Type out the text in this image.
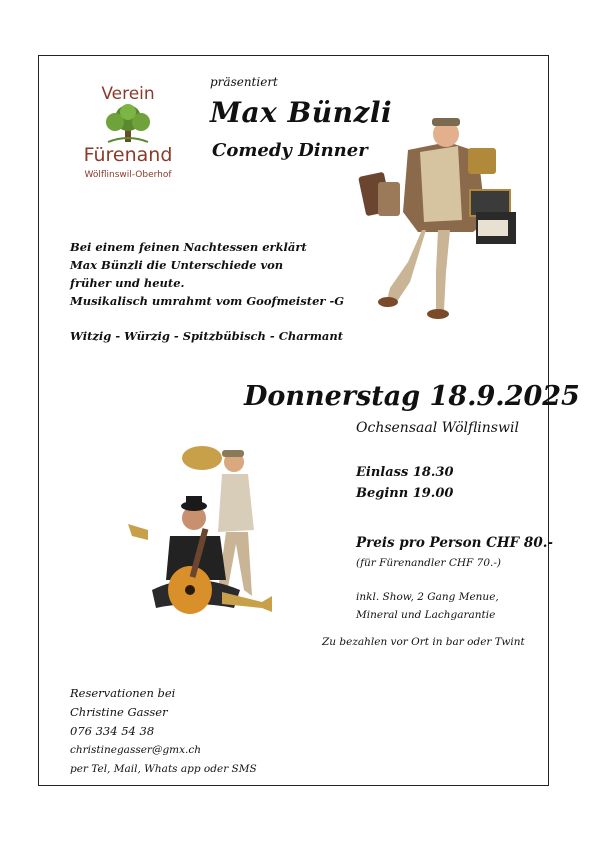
Verein
Fürenand
Wölflinswil-Oberhof
präsentiert
Max Bünzli
Comedy Dinner
Bei einem feinen Nachtessen erklärt
Max Bünzli die Unterschiede von
früher und heute.
Musikalisch umrahmt vom Goofmeister -G
Witzig - Würzig - Spitzbübisch - Charmant
Donnerstag 18.9.2025
Ochsensaal Wölflinswil
Einlass 18.30
Beginn 19.00
Preis pro Person CHF 80.-
(für Fürenandler CHF 70.-)
inkl. Show, 2 Gang Menue,
Mineral und Lachgarantie
Zu bezahlen vor Ort in bar oder Twint
Reservationen bei
Christine Gasser
076 334 54 38
christinegasser@gmx.ch
per Tel, Mail, Whats app oder SMS
